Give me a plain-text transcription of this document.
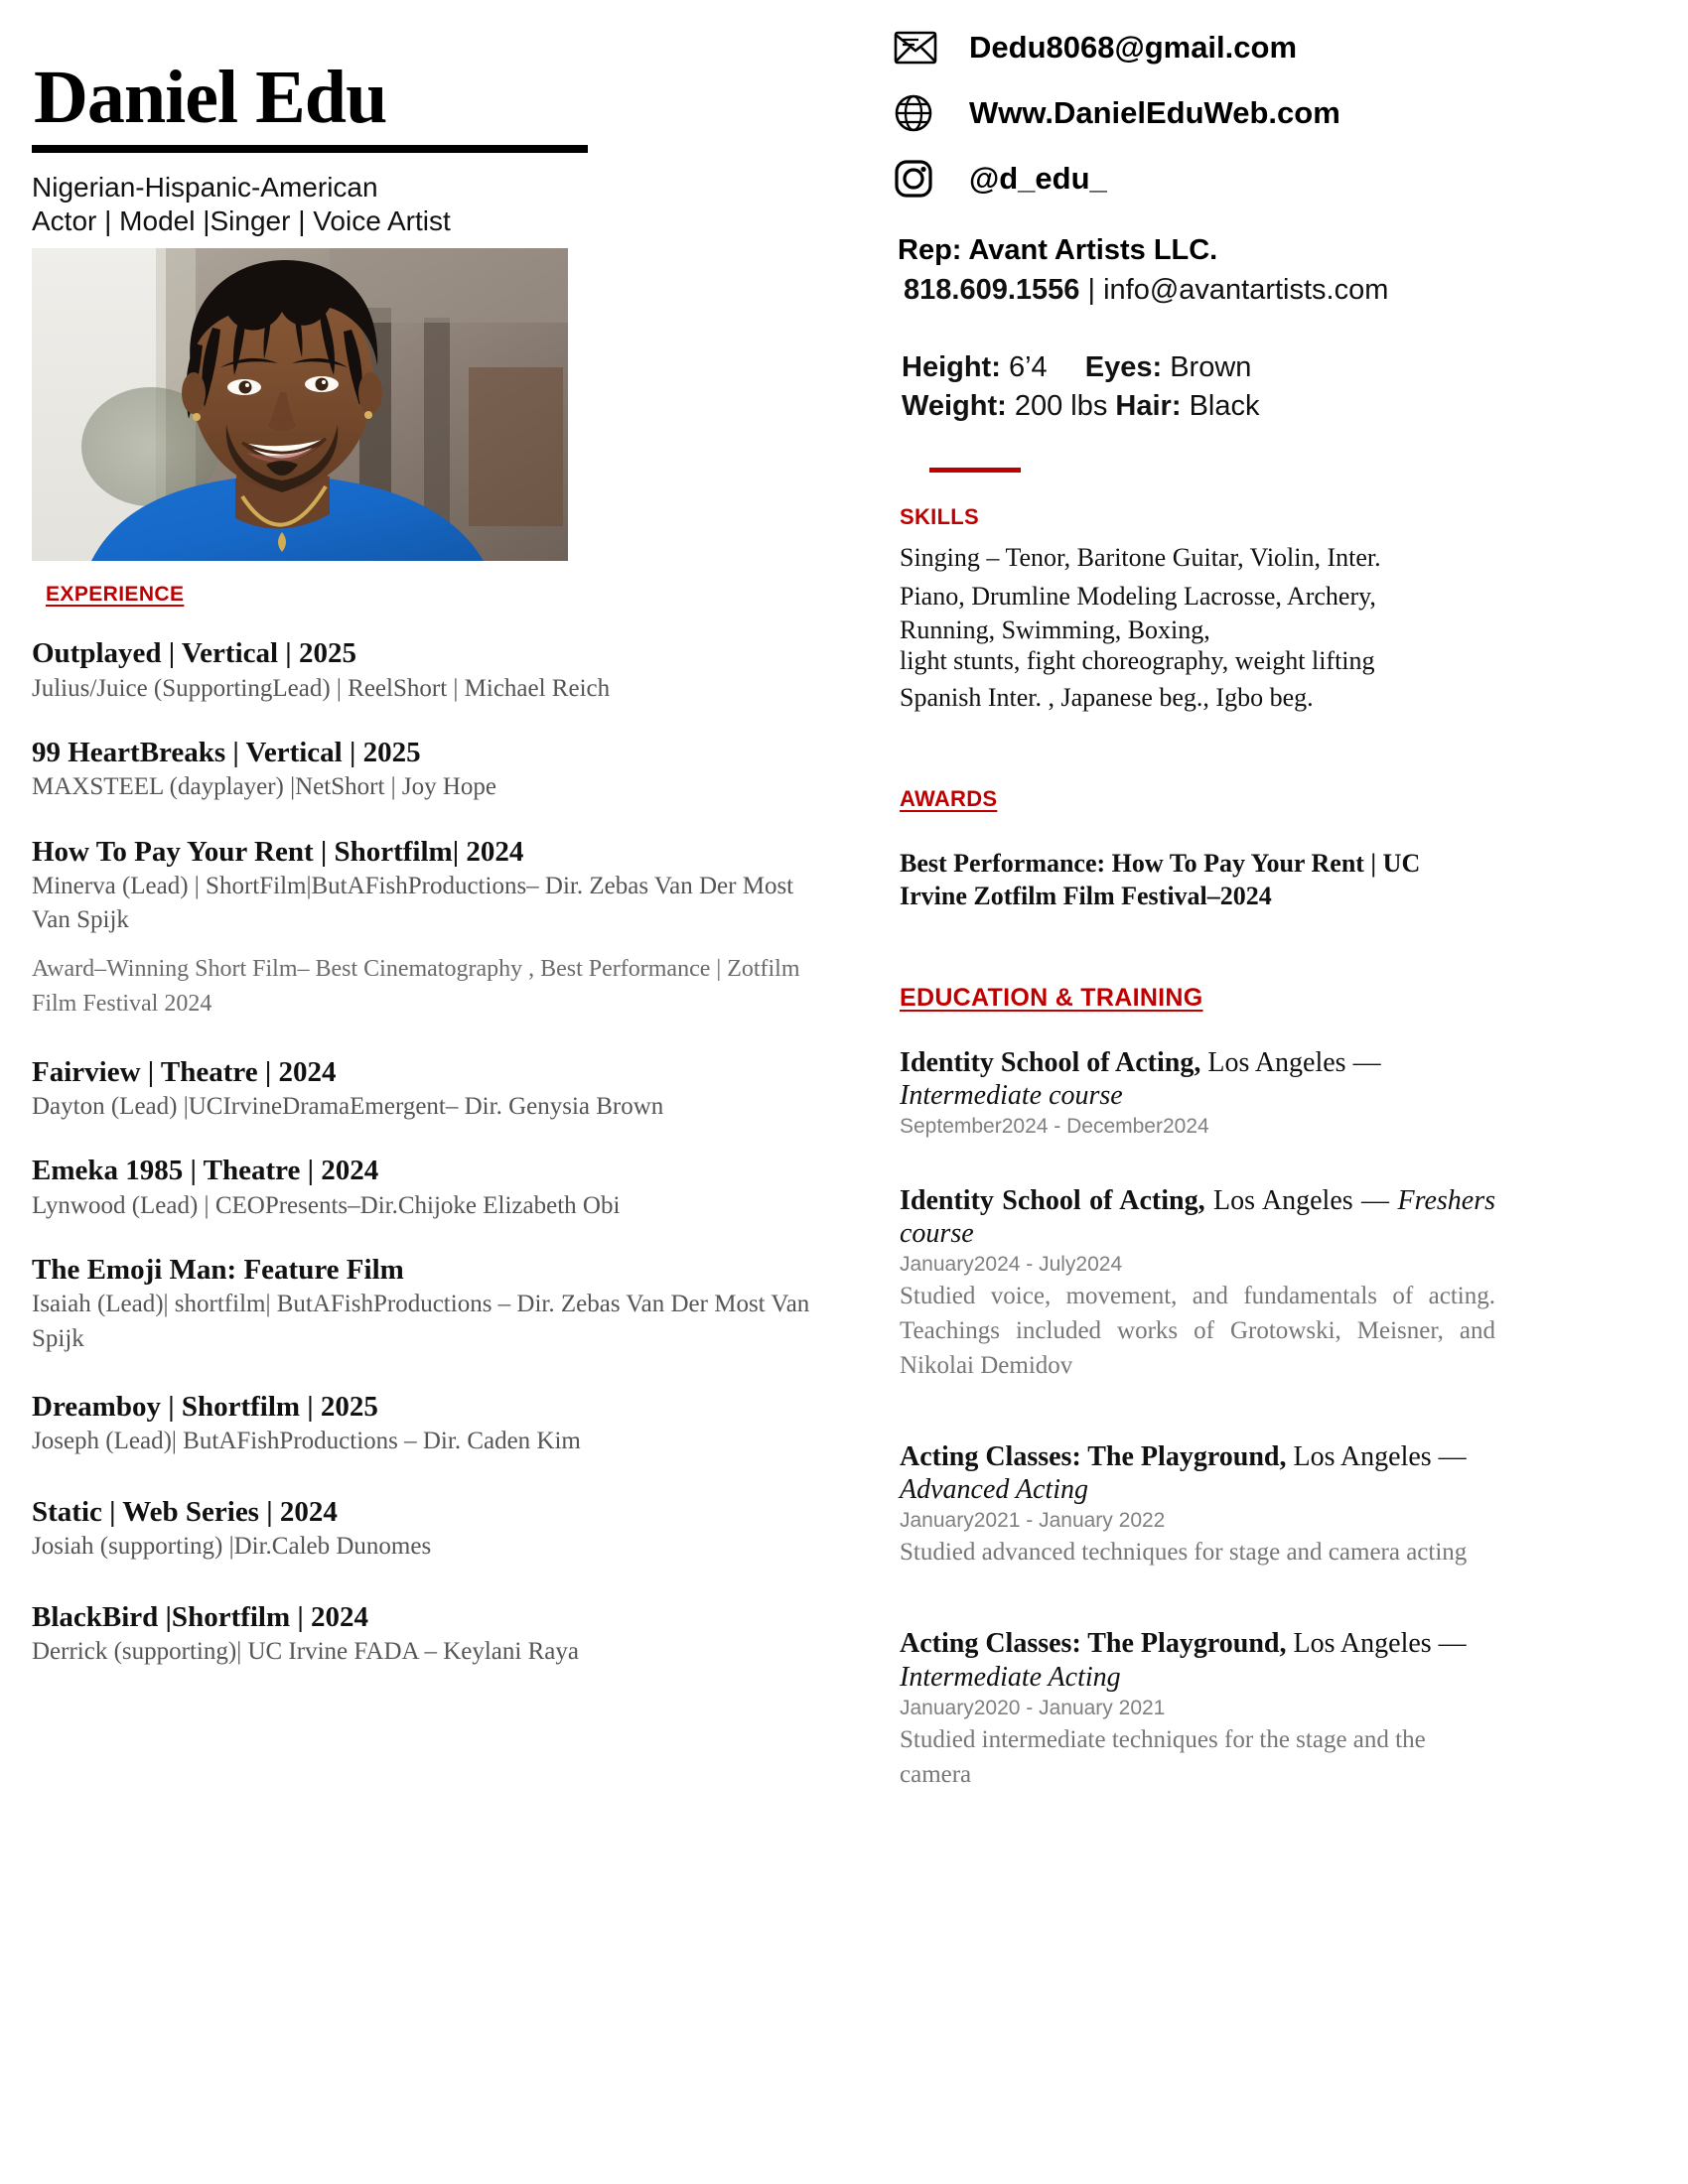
Daniel Edu
Nigerian-Hispanic-American
Actor | Model |Singer | Voice Artist
EXPERIENCE
Outplayed | Vertical | 2025
Julius/Juice (SupportingLead) | ReelShort | Michael Reich
99 HeartBreaks | Vertical | 2025
MAXSTEEL (dayplayer) |NetShort | Joy Hope
How To Pay Your Rent | Shortfilm| 2024
Minerva (Lead) | ShortFilm|ButAFishProductions– Dir. Zebas Van Der Most Van Spijk
Award–Winning Short Film– Best Cinematography , Best Performance | Zotfilm Film Festival 2024
Fairview | Theatre | 2024
Dayton (Lead) |UCIrvineDramaEmergent– Dir. Genysia Brown
Emeka 1985 | Theatre | 2024
Lynwood (Lead) | CEOPresents–Dir.Chijoke Elizabeth Obi
The Emoji Man: Feature Film
Isaiah (Lead)| shortfilm| ButAFishProductions – Dir. Zebas Van Der Most Van Spijk
Dreamboy | Shortfilm | 2025
Joseph (Lead)| ButAFishProductions – Dir. Caden Kim
Static | Web Series | 2024
Josiah (supporting) |Dir.Caleb Dunomes
BlackBird |Shortfilm | 2024
Derrick (supporting)| UC Irvine FADA – Keylani Raya
Dedu8068@gmail.com
Www.DanielEduWeb.com
@d_edu_
Rep: Avant Artists LLC.
818.609.1556 | info@avantartists.com
Height: 6’4 Eyes: Brown
Weight: 200 lbs Hair: Black
SKILLS
Singing – Tenor, Baritone Guitar, Violin, Inter.
Piano, Drumline Modeling Lacrosse, Archery,
Running, Swimming, Boxing,
light stunts, fight choreography, weight lifting
Spanish Inter. , Japanese beg., Igbo beg.
AWARDS
Best Performance: How To Pay Your Rent | UC Irvine Zotfilm Film Festival–2024
EDUCATION & TRAINING
Identity School of Acting, Los Angeles — Intermediate course
September2024 - December2024
Identity School of Acting, Los Angeles — Freshers course
January2024 - July2024
Studied voice, movement, and fundamentals of acting. Teachings included works of Grotowski, Meisner, and Nikolai Demidov
Acting Classes: The Playground, Los Angeles — Advanced Acting
January2021 - January 2022
Studied advanced techniques for stage and camera acting
Acting Classes: The Playground, Los Angeles — Intermediate Acting
January2020 - January 2021
Studied intermediate techniques for the stage and the camera
